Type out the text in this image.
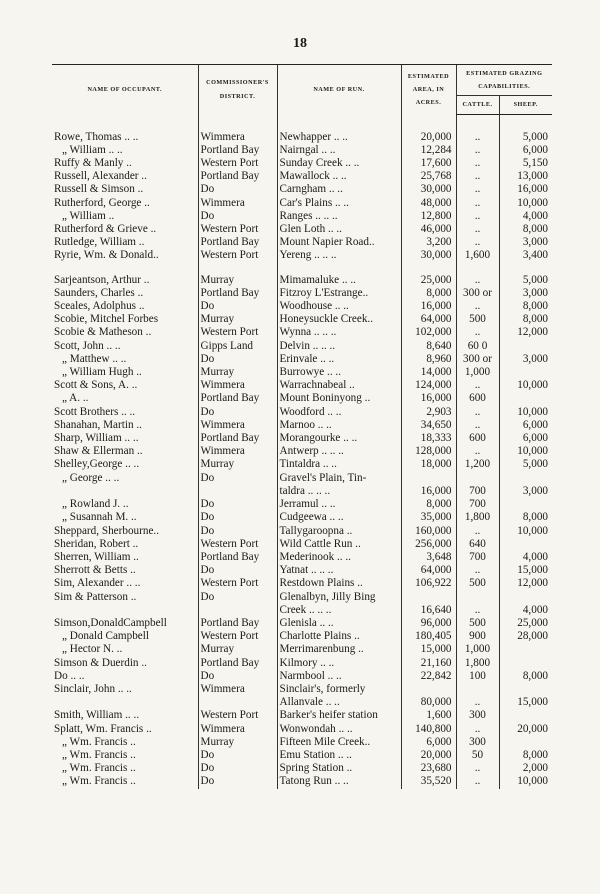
18
NAME OF OCCUPANT.	COMMISSIONER'S DISTRICT.	NAME OF RUN.	ESTIMATED AREA, IN ACRES.	ESTIMATED GRAZING CAPABILITIES.	
				CATTLE.	SHEEP.

Rowe, Thomas .. ..	Wimmera	Newhapper .. ..	20,000	..	5,000
„ William .. ..	Portland Bay	Nairngal .. ..	12,284	..	6,000
Ruffy & Manly ..	Western Port	Sunday Creek .. ..	17,600	..	5,150
Russell, Alexander ..	Portland Bay	Mawallock .. ..	25,768	..	13,000
Russell & Simson ..	Do	Carngham .. ..	30,000	..	16,000
Rutherford, George ..	Wimmera	Car's Plains .. ..	48,000	..	10,000
„ William ..	Do	Ranges .. .. ..	12,800	..	4,000
Rutherford & Grieve ..	Western Port	Glen Loth .. ..	46,000	..	8,000
Rutledge, William ..	Portland Bay	Mount Napier Road..	3,200	..	3,000
Ryrie, Wm. & Donald..	Western Port	Yereng .. .. ..	30,000	1,600	3,400

Sarjeantson, Arthur ..	Murray	Mimamaluke .. ..	25,000	..	5,000
Saunders, Charles ..	Portland Bay	Fitzroy L'Estrange..	8,000	300 or	3,000
Sceales, Adolphus ..	Do	Woodhouse .. ..	16,000	..	8,000
Scobie, Mitchel Forbes	Murray	Honeysuckle Creek..	64,000	500	8,000
Scobie & Matheson ..	Western Port	Wynna .. .. ..	102,000	..	12,000
Scott, John .. ..	Gipps Land	Delvin .. .. ..	8,640	60 0	
„ Matthew .. ..	Do	Erinvale .. ..	8,960	300 or	3,000
„ William Hugh ..	Murray	Burrowye .. ..	14,000	1,000	
Scott & Sons, A. ..	Wimmera	Warrachnabeal ..	124,000	..	10,000
„ A. ..	Portland Bay	Mount Boninyong ..	16,000	600	
Scott Brothers .. ..	Do	Woodford .. ..	2,903	..	10,000
Shanahan, Martin ..	Wimmera	Marnoo .. ..	34,650	..	6,000
Sharp, William .. ..	Portland Bay	Morangourke .. ..	18,333	600	6,000
Shaw & Ellerman ..	Wimmera	Antwerp .. .. ..	128,000	..	10,000
Shelley,George .. ..	Murray	Tintaldra .. ..	18,000	1,200	5,000
„ George .. ..	Do	Gravel's Plain, Tin-			
		taldra .. .. ..	16,000	700	3,000
„ Rowland J. ..	Do	Jerramul .. ..	8,000	700	
„ Susannah M. ..	Do	Cudgeewa .. ..	35,000	1,800	8,000
Sheppard, Sherbourne..	Do	Tallygaroopna ..	160,000	..	10,000
Sheridan, Robert ..	Western Port	Wild Cattle Run ..	256,000	640	
Sherren, William ..	Portland Bay	Mederinook .. ..	3,648	700	4,000
Sherrott & Betts ..	Do	Yatnat .. .. ..	64,000	..	15,000
Sim, Alexander .. ..	Western Port	Restdown Plains ..	106,922	500	12,000
Sim & Patterson ..	Do	Glenalbyn, Jilly Bing			
		Creek .. .. ..	16,640	..	4,000
Simson,DonaldCampbell	Portland Bay	Glenisla .. ..	96,000	500	25,000
„ Donald Campbell	Western Port	Charlotte Plains ..	180,405	900	28,000
„ Hector N. ..	Murray	Merrimarenbung ..	15,000	1,000	
Simson & Duerdin ..	Portland Bay	Kilmory .. ..	21,160	1,800	
Do .. ..	Do	Narmbool .. ..	22,842	100	8,000
Sinclair, John .. ..	Wimmera	Sinclair's, formerly			
		Allanvale .. ..	80,000	..	15,000
Smith, William .. ..	Western Port	Barker's heifer station	1,600	300	
Splatt, Wm. Francis ..	Wimmera	Wonwondah .. ..	140,800	..	20,000
„ Wm. Francis ..	Murray	Fifteen Mile Creek..	6,000	300	
„ Wm. Francis ..	Do	Emu Station .. ..	20,000	50	8,000
„ Wm. Francis ..	Do	Spring Station ..	23,680	..	2,000
„ Wm. Francis ..	Do	Tatong Run .. ..	35,520	..	10,000
